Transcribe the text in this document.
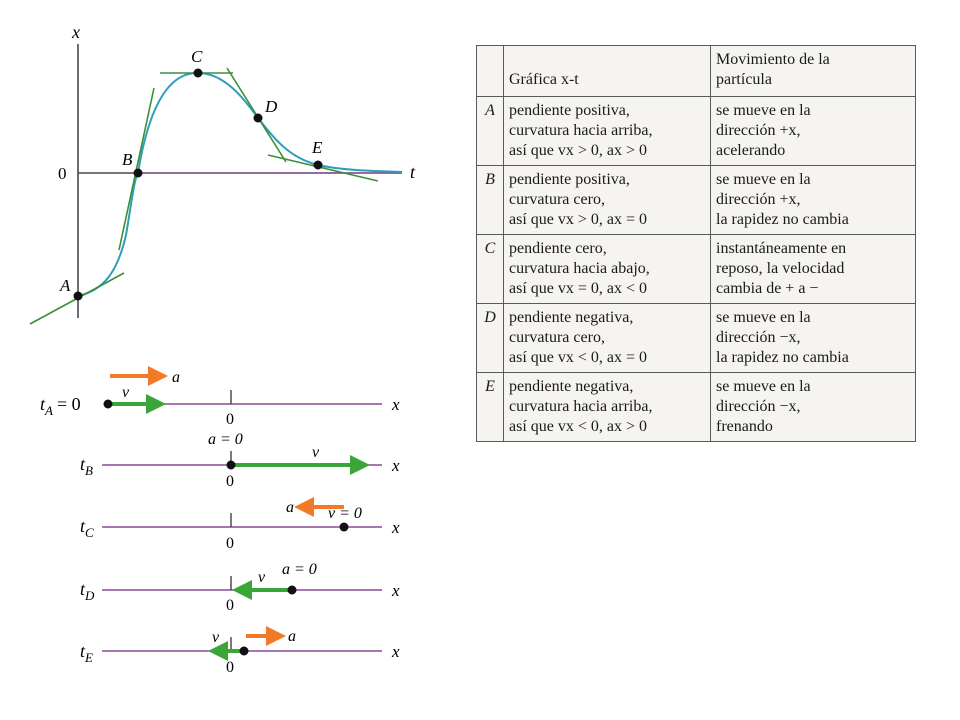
x
t
0
A
B
C
D
E
$t_A = 0$
0
x
v
a
$t_B$
0
x
a = 0
v
$t_C$
0
x
a v = 0
$t_D$
0
x
v a = 0
$t_E$
0
x
v	a

	Gráfica x-t	Movimiento de la
partícula

A	pendiente positiva,
curvatura hacia arriba,
así que vx > 0, ax > 0	se mueve en la
dirección +x,
acelerando

B	pendiente positiva,
curvatura cero,
así que vx > 0, ax = 0	se mueve en la
dirección +x,
la rapidez no cambia

C	pendiente cero,
curvatura hacia abajo,
así que vx = 0, ax < 0	instantáneamente en
reposo, la velocidad
cambia de + a −

D	pendiente negativa,
curvatura cero,
así que vx < 0, ax = 0	se mueve en la
dirección −x,
la rapidez no cambia

E	pendiente negativa,
curvatura hacia arriba,
así que vx < 0, ax > 0	se mueve en la
dirección −x,
frenando
